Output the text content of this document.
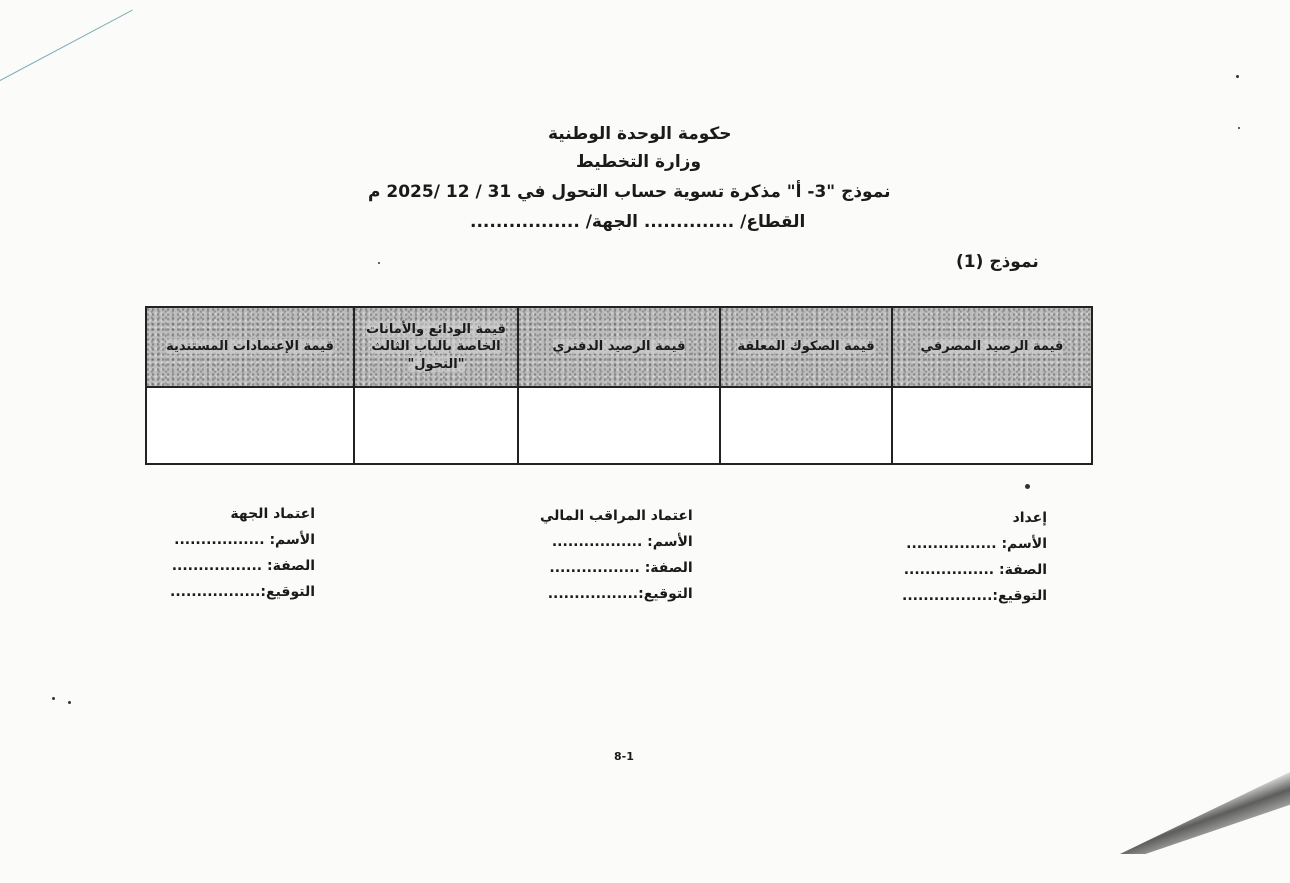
حكومة الوحدة الوطنية
وزارة التخطيط
نموذج "3- أ" مذكرة تسوية حساب التحول في 31 / 12 /2025 م
القطاع/ .............. الجهة/ .................
نموذج (1)
قيمة الرصيد المصرفي	قيمة الصكوك المعلقة	قيمة الرصيد الدفتري	قيمة الودائع والأمانات الخاصة بالباب الثالث "التحول"	قيمة الإعتمادات المستندية

إعداد
الأسم: .................
الصفة: .................
التوقيع:.................
اعتماد المراقب المالي
الأسم: .................
الصفة: .................
التوقيع:.................
اعتماد الجهة
الأسم: .................
الصفة: .................
التوقيع:.................
8-1
